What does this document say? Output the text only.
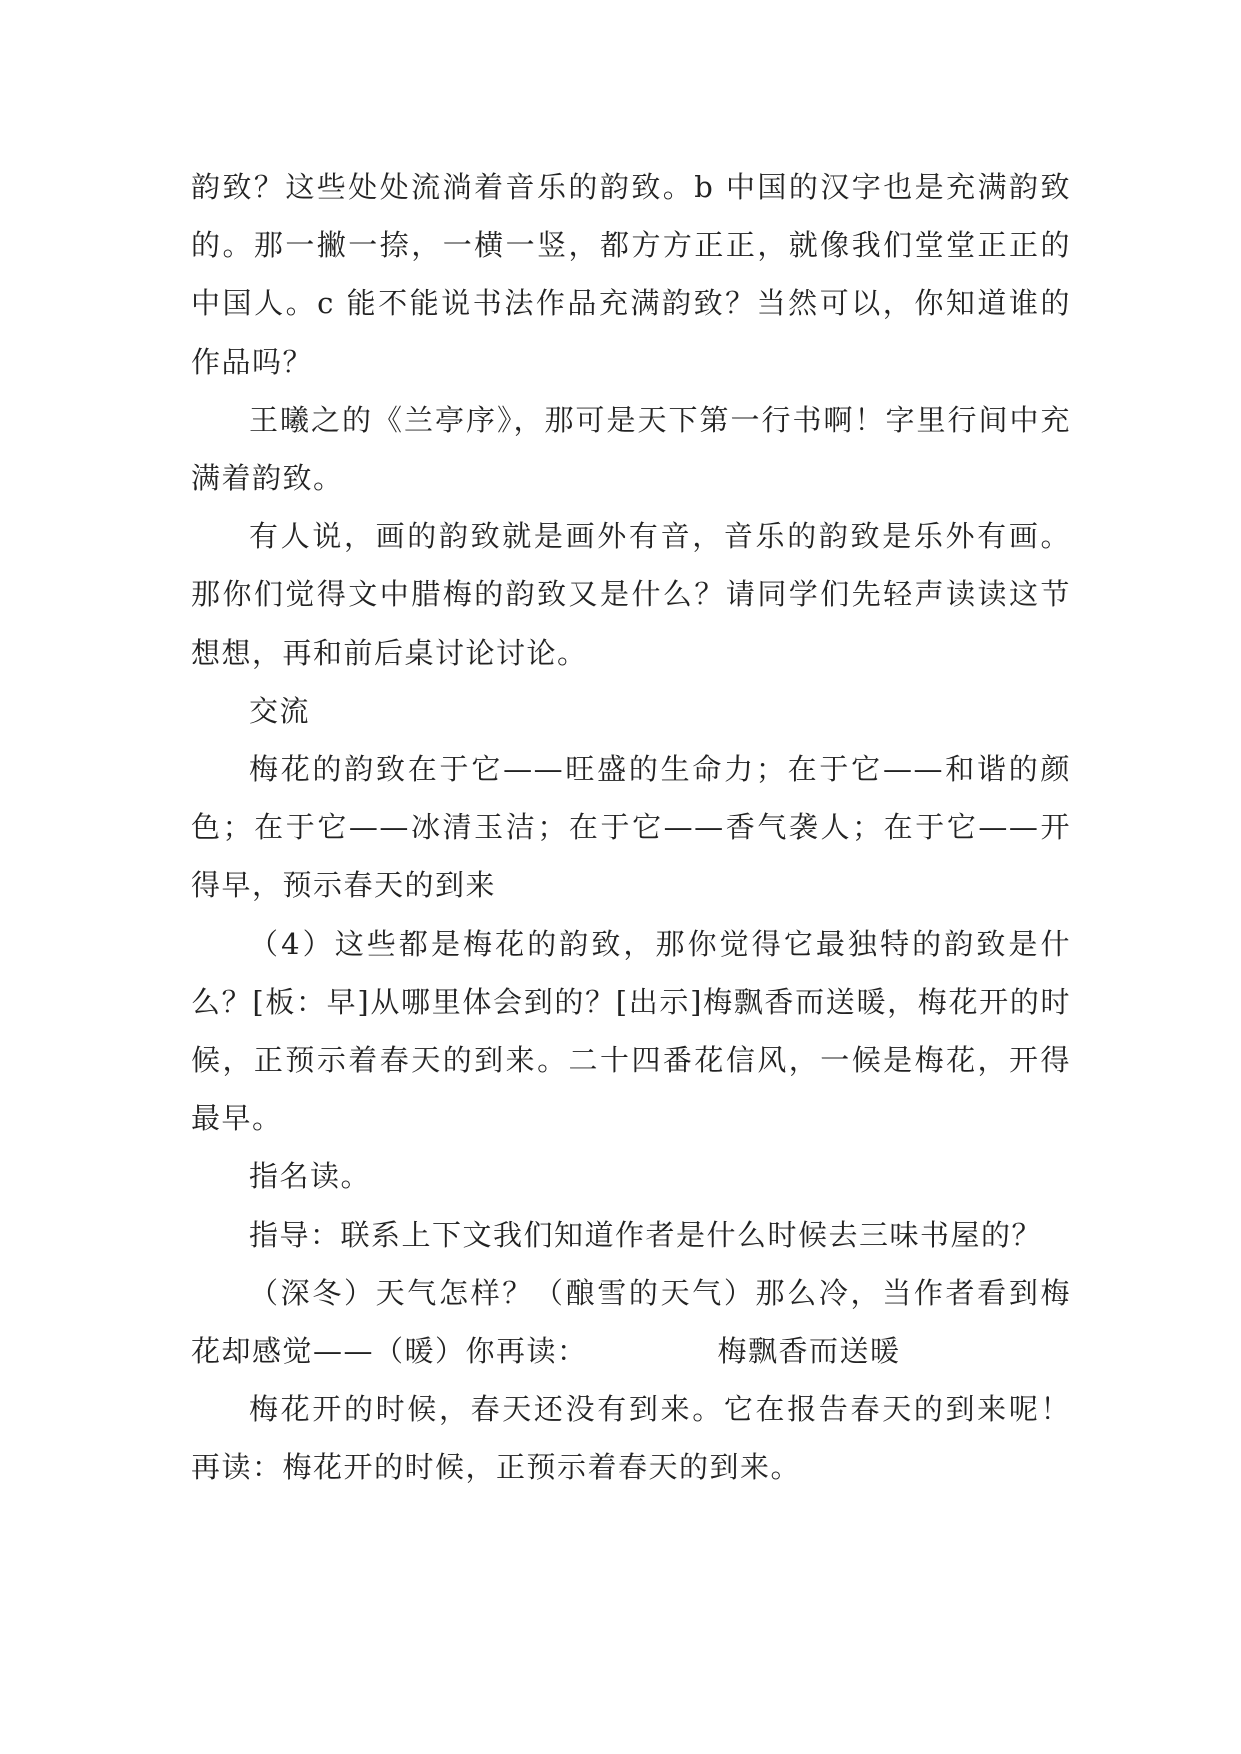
韵致？这些处处流淌着音乐的韵致。b 中国的汉字也是充满韵致的。那一撇一捺，一横一竖，都方方正正，就像我们堂堂正正的中国人。c 能不能说书法作品充满韵致？当然可以，你知道谁的作品吗？

王曦之的《兰亭序》，那可是天下第一行书啊！字里行间中充满着韵致。

有人说，画的韵致就是画外有音，音乐的韵致是乐外有画。那你们觉得文中腊梅的韵致又是什么？请同学们先轻声读读这节想想，再和前后桌讨论讨论。

交流

梅花的韵致在于它——旺盛的生命力；在于它——和谐的颜色；在于它——冰清玉洁；在于它——香气袭人；在于它——开得早，预示春天的到来

（4）这些都是梅花的韵致，那你觉得它最独特的韵致是什么？[板：早]从哪里体会到的？[出示]梅飘香而送暖，梅花开的时候，正预示着春天的到来。二十四番花信风，一候是梅花，开得最早。

指名读。

指导：联系上下文我们知道作者是什么时候去三味书屋的？

（深冬）天气怎样？（酿雪的天气）那么冷，当作者看到梅花却感觉——（暖）你再读：	梅飘香而送暖

梅花开的时候，春天还没有到来。它在报告春天的到来呢！再读：梅花开的时候，正预示着春天的到来。
